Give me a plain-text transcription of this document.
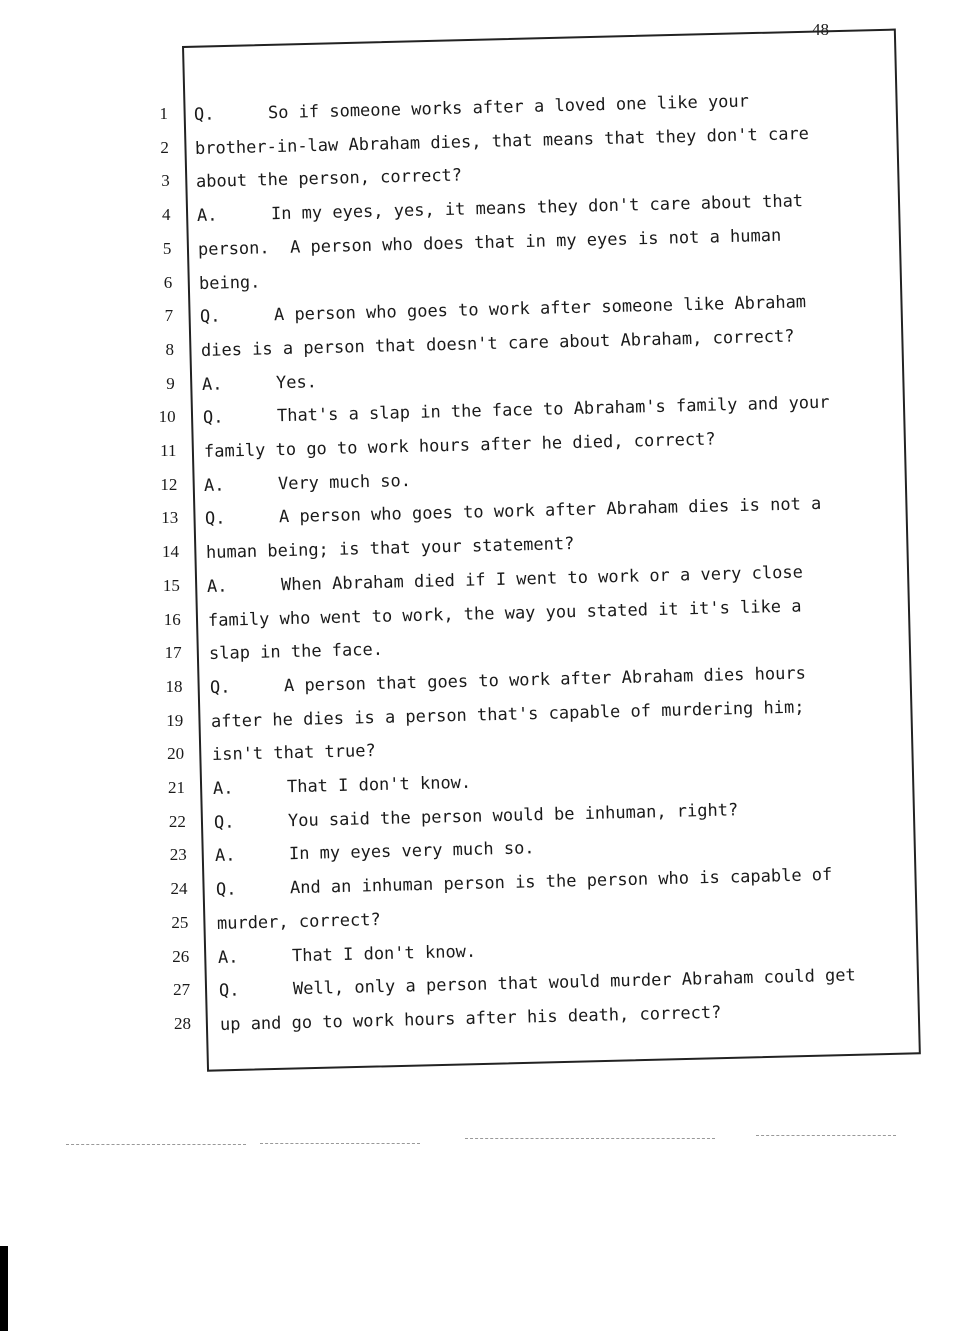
48
1 Q.	So if someone works after a loved one like your
2 brother-in-law Abraham dies, that means that they don't care
3 about the person, correct?
4 A.	In my eyes, yes, it means they don't care about that
5 person.  A person who does that in my eyes is not a human
6 being.
7 Q.	A person who goes to work after someone like Abraham
8 dies is a person that doesn't care about Abraham, correct?
9 A.	Yes.
10 Q.	That's a slap in the face to Abraham's family and your
11 family to go to work hours after he died, correct?
12 A.	Very much so.
13 Q.	A person who goes to work after Abraham dies is not a
14 human being; is that your statement?
15 A.	When Abraham died if I went to work or a very close
16 family who went to work, the way you stated it it's like a
17 slap in the face.
18 Q.	A person that goes to work after Abraham dies hours
19 after he dies is a person that's capable of murdering him;
20 isn't that true?
21 A.	That I don't know.
22 Q.	You said the person would be inhuman, right?
23 A.	In my eyes very much so.
24 Q.	And an inhuman person is the person who is capable of
25 murder, correct?
26 A.	That I don't know.
27 Q.	Well, only a person that would murder Abraham could get
28 up and go to work hours after his death, correct?
